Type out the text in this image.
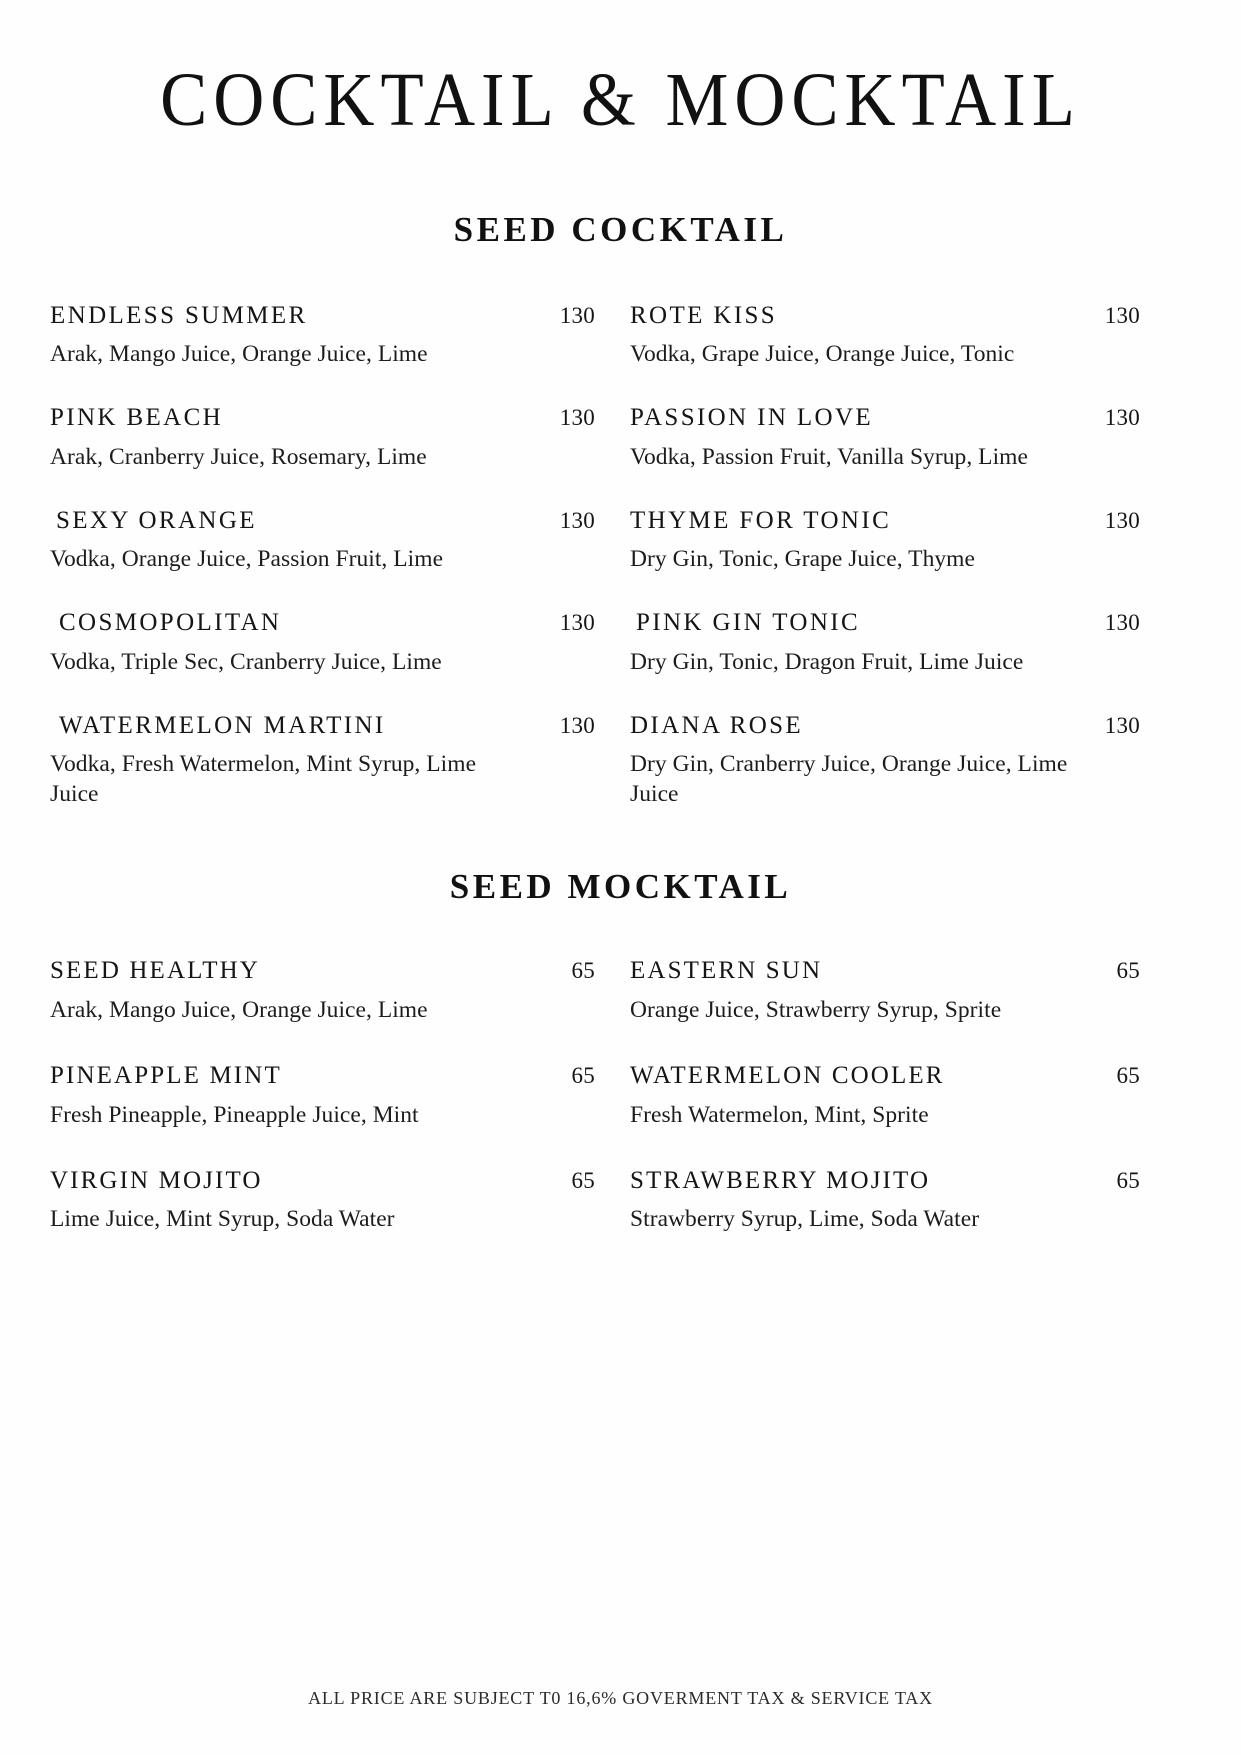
COCKTAIL & MOCKTAIL
SEED COCKTAIL
ENDLESS SUMMER	130
Arak, Mango Juice, Orange Juice, Lime
PINK BEACH	130
Arak, Cranberry Juice, Rosemary, Lime
SEXY ORANGE	130
Vodka, Orange Juice, Passion Fruit, Lime
COSMOPOLITAN	130
Vodka, Triple Sec, Cranberry Juice, Lime
WATERMELON MARTINI	130
Vodka, Fresh Watermelon, Mint Syrup, Lime Juice
ROTE KISS	130
Vodka, Grape Juice, Orange Juice, Tonic
PASSION IN LOVE	130
Vodka, Passion Fruit, Vanilla Syrup, Lime
THYME FOR TONIC	130
Dry Gin, Tonic, Grape Juice, Thyme
PINK GIN TONIC	130
Dry Gin, Tonic, Dragon Fruit, Lime Juice
DIANA ROSE	130
Dry Gin, Cranberry Juice, Orange Juice, Lime Juice
SEED MOCKTAIL
SEED HEALTHY	65
Arak, Mango Juice, Orange Juice, Lime
PINEAPPLE MINT	65
Fresh Pineapple, Pineapple Juice, Mint
VIRGIN MOJITO	65
Lime Juice, Mint Syrup, Soda Water
EASTERN SUN	65
Orange Juice, Strawberry Syrup, Sprite
WATERMELON COOLER	65
Fresh Watermelon, Mint, Sprite
STRAWBERRY MOJITO	65
Strawberry Syrup, Lime, Soda Water
ALL PRICE ARE SUBJECT T0 16,6% GOVERMENT TAX & SERVICE TAX
